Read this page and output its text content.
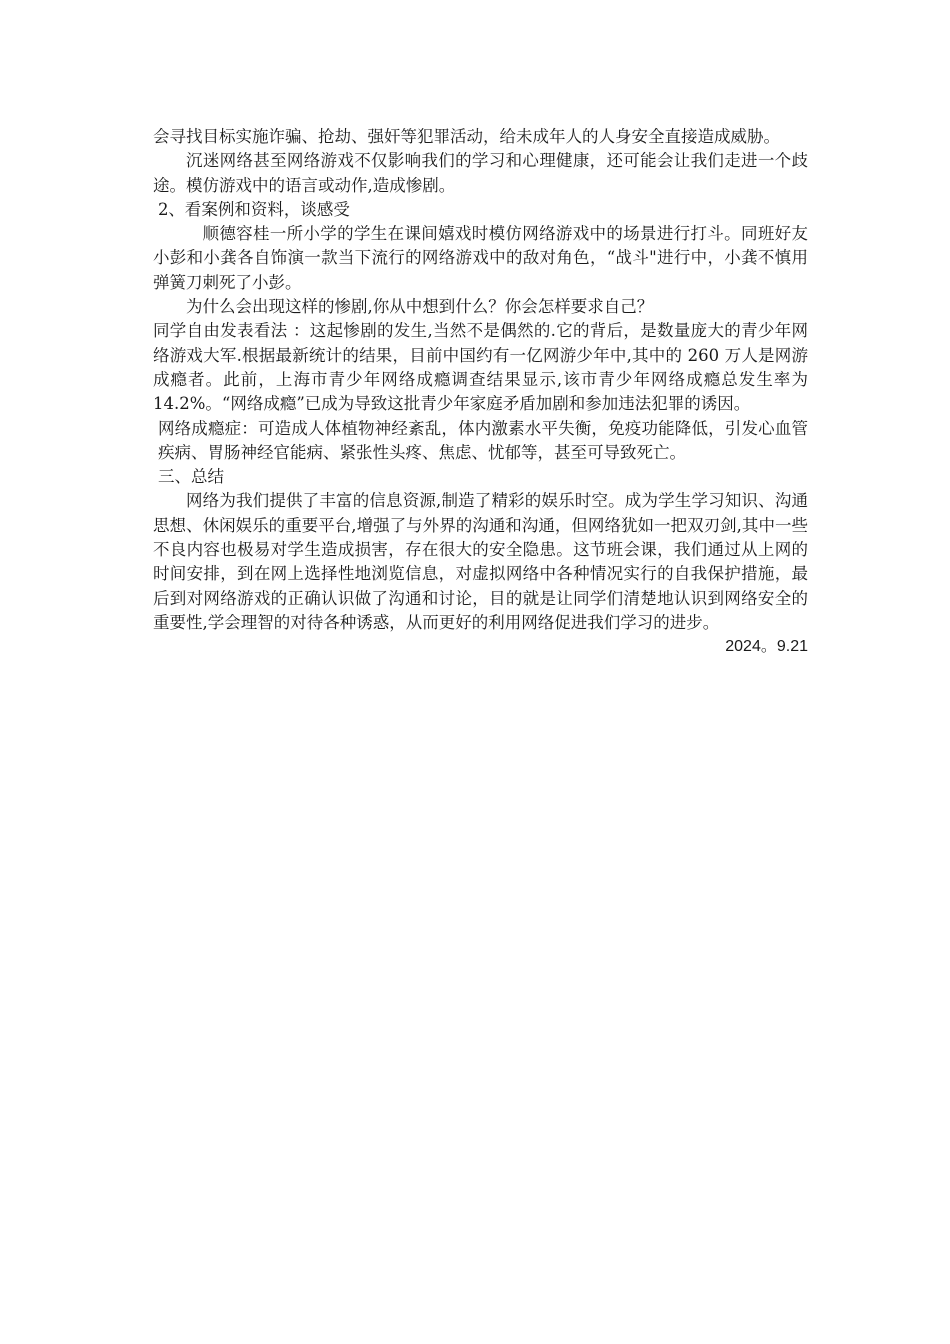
会寻找目标实施诈骗、抢劫、强奸等犯罪活动，给未成年人的人身安全直接造成威胁。

沉迷网络甚至网络游戏不仅影响我们的学习和心理健康，还可能会让我们走进一个歧途。模仿游戏中的语言或动作,造成惨剧。

2、看案例和资料，谈感受

顺德容桂一所小学的学生在课间嬉戏时模仿网络游戏中的场景进行打斗。同班好友小彭和小龚各自饰演一款当下流行的网络游戏中的敌对角色，“战斗"进行中，小龚不慎用弹簧刀刺死了小彭。

为什么会出现这样的惨剧,你从中想到什么？你会怎样要求自己？

同学自由发表看法 ：这起惨剧的发生,当然不是偶然的.它的背后，是数量庞大的青少年网络游戏大军.根据最新统计的结果，目前中国约有一亿网游少年中,其中的 260 万人是网游成瘾者。此前，上海市青少年网络成瘾调查结果显示,该市青少年网络成瘾总发生率为 14.2%。“网络成瘾”已成为导致这批青少年家庭矛盾加剧和参加违法犯罪的诱因。

网络成瘾症：可造成人体植物神经紊乱，体内激素水平失衡，免疫功能降低，引发心血管疾病、胃肠神经官能病、紧张性头疼、焦虑、忧郁等，甚至可导致死亡。

三、总结

网络为我们提供了丰富的信息资源,制造了精彩的娱乐时空。成为学生学习知识、沟通思想、休闲娱乐的重要平台,增强了与外界的沟通和沟通，但网络犹如一把双刃剑,其中一些不良内容也极易对学生造成损害，存在很大的安全隐患。这节班会课，我们通过从上网的时间安排，到在网上选择性地浏览信息，对虚拟网络中各种情况实行的自我保护措施，最后到对网络游戏的正确认识做了沟通和讨论，目的就是让同学们清楚地认识到网络安全的重要性,学会理智的对待各种诱惑，从而更好的利用网络促进我们学习的进步。

2024。9.21
